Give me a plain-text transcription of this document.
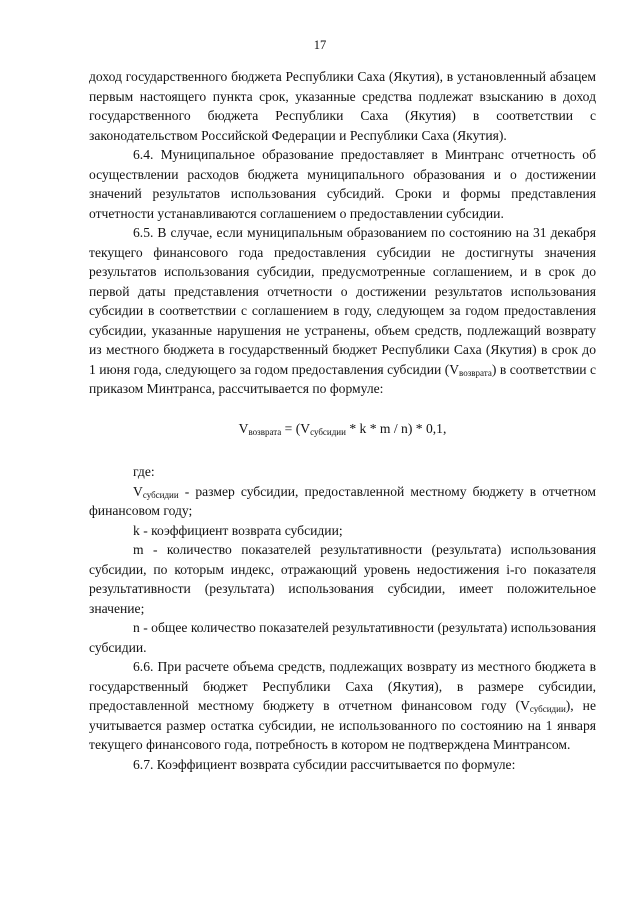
17

доход государственного бюджета Республики Саха (Якутия), в установленный абзацем первым настоящего пункта срок, указанные средства подлежат взысканию в доход государственного бюджета Республики Саха (Якутия) в соответствии с законодательством Российской Федерации и Республики Саха (Якутия).

6.4. Муниципальное образование предоставляет в Минтранс отчетность об осуществлении расходов бюджета муниципального образования и о достижении значений результатов использования субсидий. Сроки и формы представления отчетности устанавливаются соглашением о предоставлении субсидии.

6.5. В случае, если муниципальным образованием по состоянию на 31 декабря текущего финансового года предоставления субсидии не достигнуты значения результатов использования субсидии, предусмотренные соглашением, и в срок до первой даты представления отчетности о достижении результатов использования субсидии в соответствии с соглашением в году, следующем за годом предоставления субсидии, указанные нарушения не устранены, объем средств, подлежащий возврату из местного бюджета в государственный бюджет Республики Саха (Якутия) в срок до 1 июня года, следующего за годом предоставления субсидии $(V_{возврата})$ в соответствии с приказом Минтранса, рассчитывается по формуле:

$V_{возврата} = (V_{субсидии} * k * m / n) * 0,1$,

где:

$V_{субсидии}$ - размер субсидии, предоставленной местному бюджету в отчетном финансовом году;

k - коэффициент возврата субсидии;

m - количество показателей результативности (результата) использования субсидии, по которым индекс, отражающий уровень недостижения i-го показателя результативности (результата) использования субсидии, имеет положительное значение;

n - общее количество показателей результативности (результата) использования субсидии.

6.6. При расчете объема средств, подлежащих возврату из местного бюджета в государственный бюджет Республики Саха (Якутия), в размере субсидии, предоставленной местному бюджету в отчетном финансовом году $(V_{субсидии})$, не учитывается размер остатка субсидии, не использованного по состоянию на 1 января текущего финансового года, потребность в котором не подтверждена Минтрансом.

6.7. Коэффициент возврата субсидии рассчитывается по формуле:
